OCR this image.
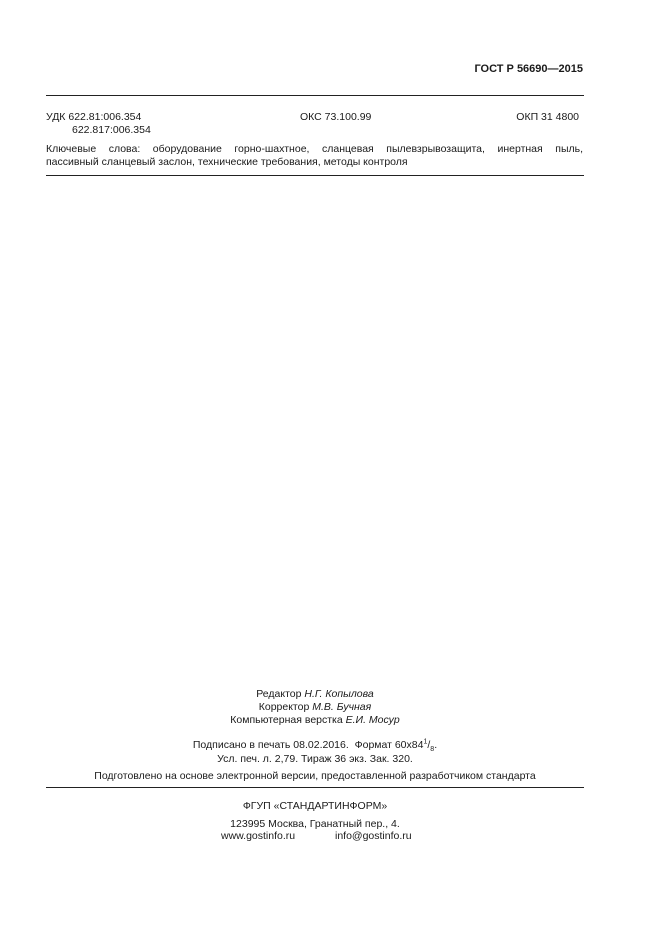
ГОСТ Р 56690—2015
УДК 622.81:006.354
622.817:006.354
ОКС 73.100.99	ОКП 31 4800
Ключевые слова: оборудование горно-шахтное, сланцевая пылевзрывозащита, инертная пыль,
пассивный сланцевый заслон, технические требования, методы контроля
Редактор Н.Г. Копылова
Корректор М.В. Бучная
Компьютерная верстка Е.И. Мосур
Подписано в печать 08.02.2016. Формат $60x84^1/_8$.
Усл. печ. л. 2,79. Тираж 36 экз. Зак. 320.
Подготовлено на основе электронной версии, предоставленной разработчиком стандарта
ФГУП «СТАНДАРТИНФОРМ»
123995 Москва, Гранатный пер., 4.
www.gostinfo.ru	info@gostinfo.ru
